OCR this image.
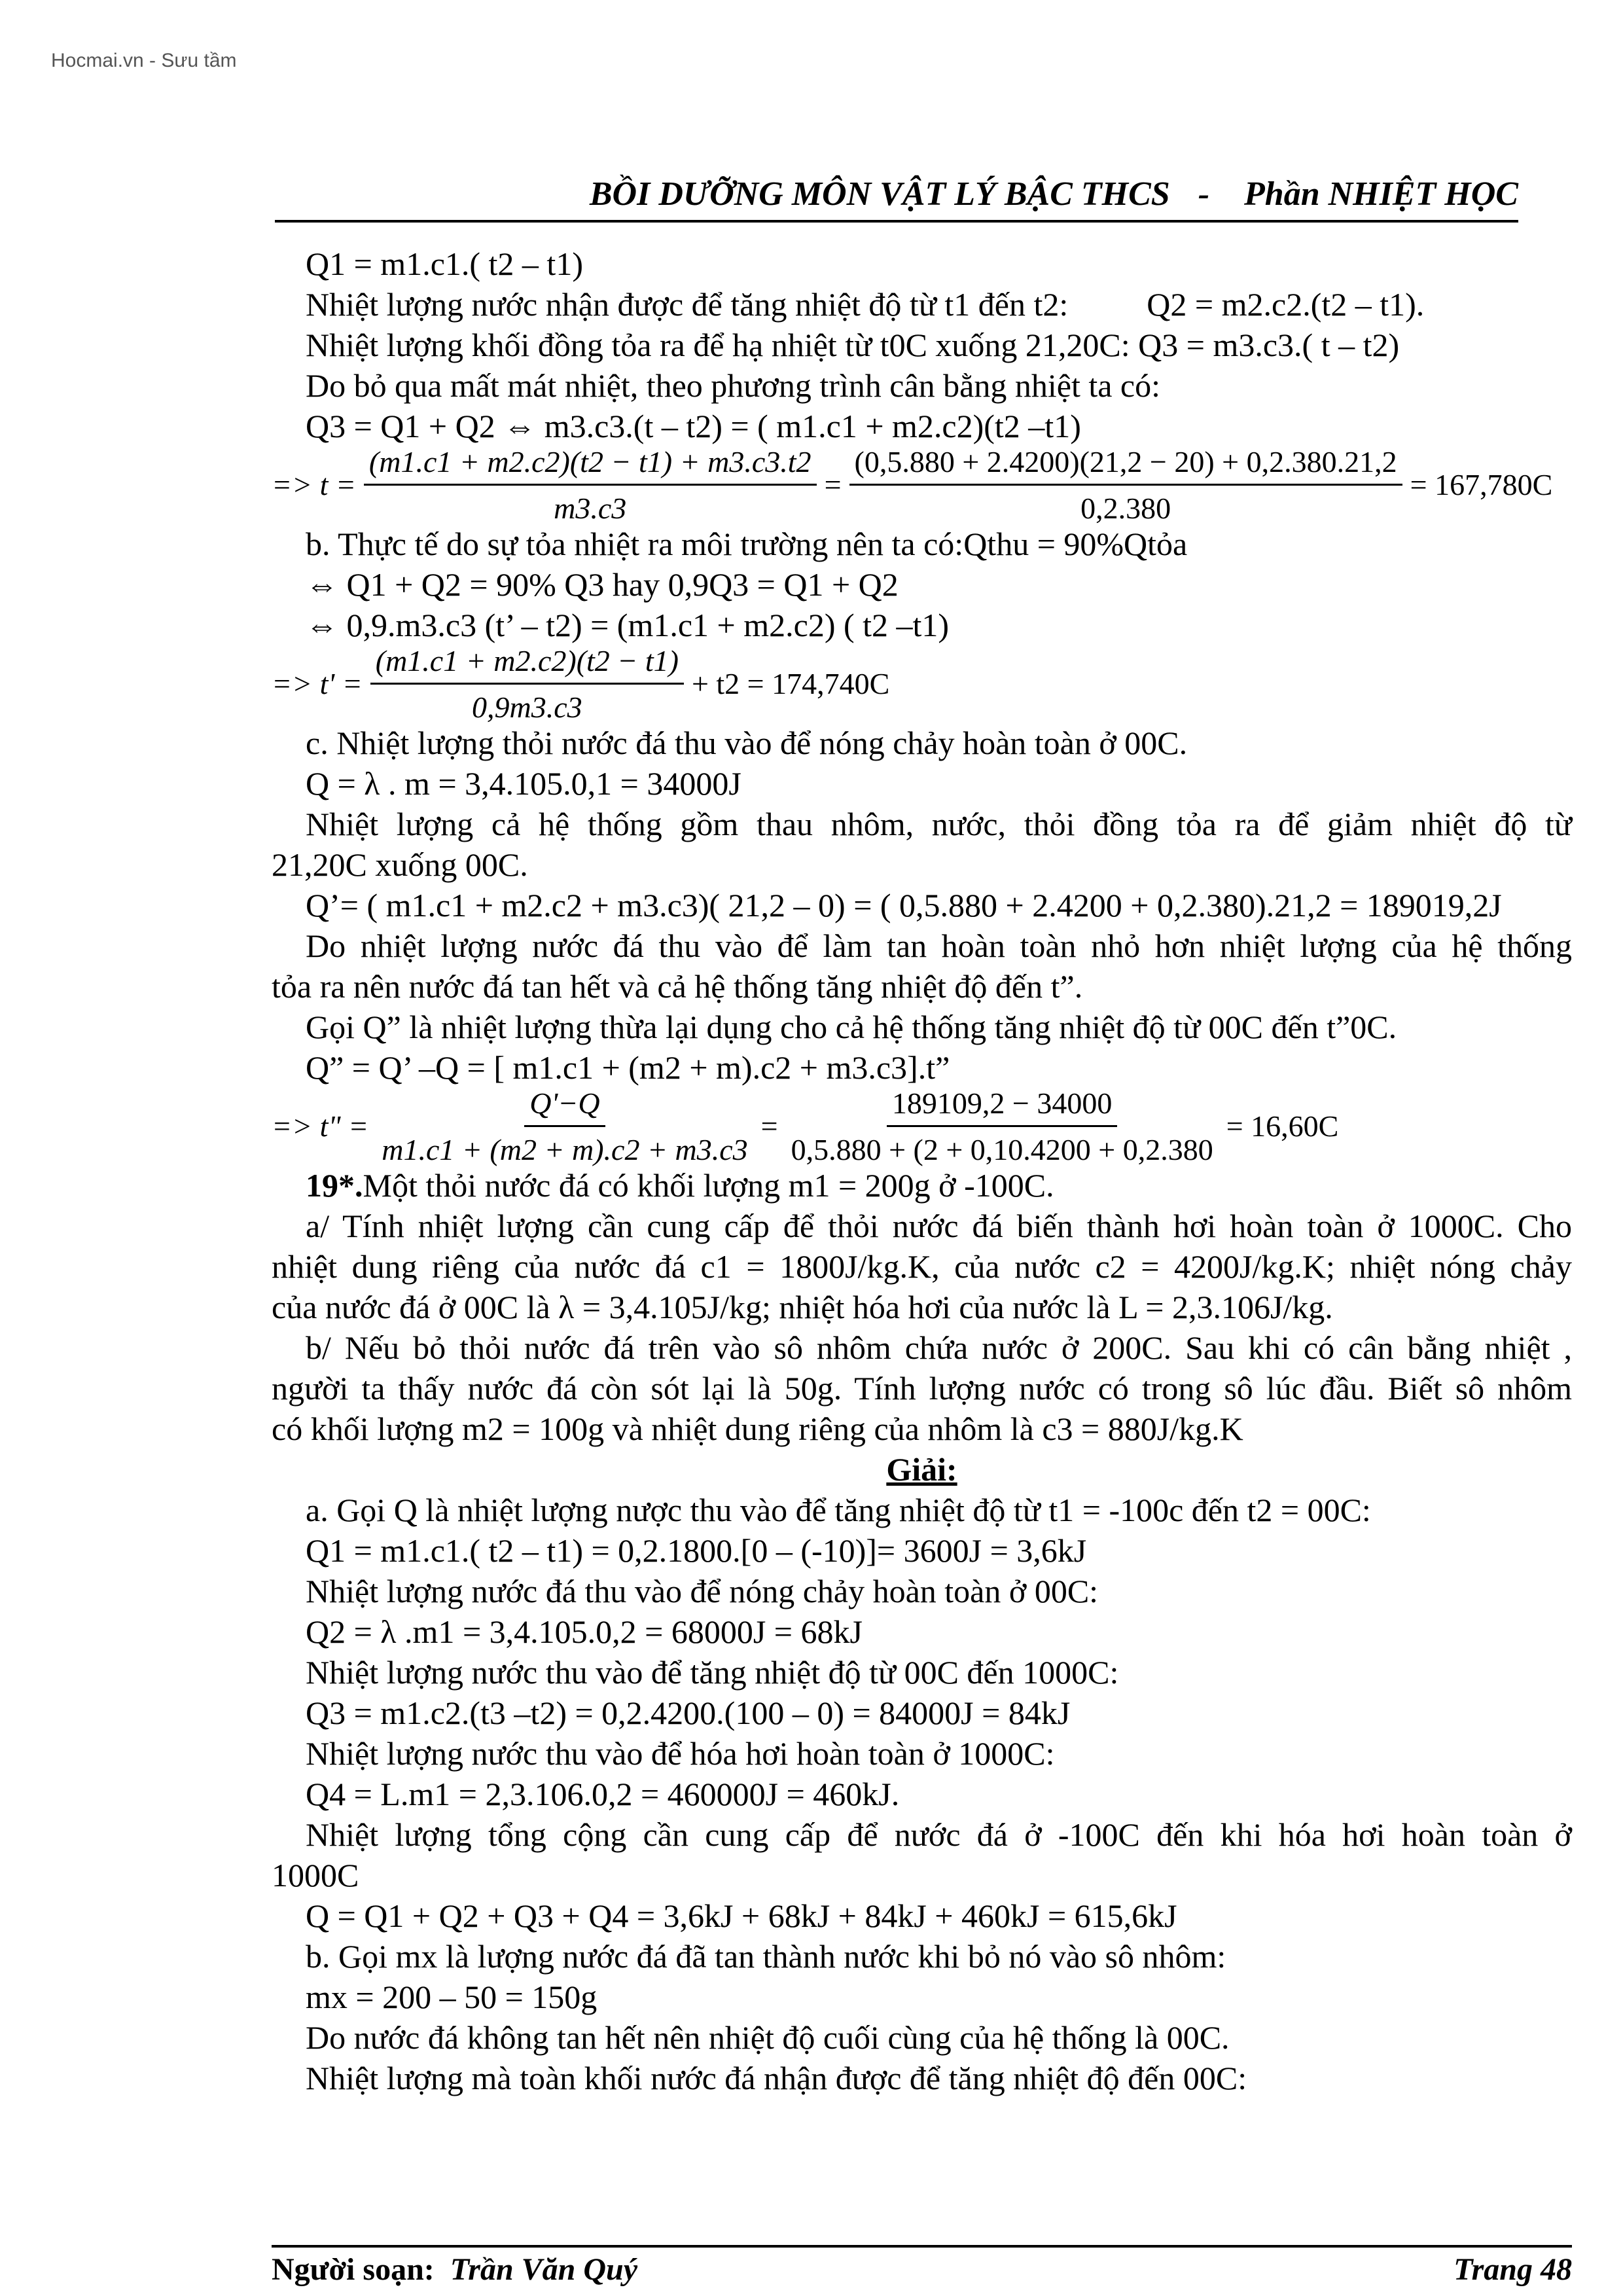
Hocmai.vn - Sưu tầm
BỒI DƯỠNG MÔN VẬT LÝ BẬC THCS - Phần NHIỆT HỌC
Q1 = m1.c1.( t2 – t1)
Nhiệt lượng nước nhận được để tăng nhiệt độ từ t1 đến t2: Q2 = m2.c2.(t2 – t1).
Nhiệt lượng khối đồng tỏa ra để hạ nhiệt từ t0C xuống 21,20C: Q3 = m3.c3.( t – t2)
Do bỏ qua mất mát nhiệt, theo phương trình cân bằng nhiệt ta có:
Q3 = Q1 + Q2 ⇔ m3.c3.(t – t2) = ( m1.c1 + m2.c2)(t2 –t1)
=> $t = \frac{(m1.c1 + m2.c2)(t2 - t1) + m3.c3.t2}{m3.c3} = \frac{(0,5.880 + 2.4200)(21,2 - 20) + 0,2.380.21,2}{0,2.380} = 167,780C$
b. Thực tế do sự tỏa nhiệt ra môi trường nên ta có:Qthu = 90%Qtỏa
⇔ Q1 + Q2 = 90% Q3 hay 0,9Q3 = Q1 + Q2
⇔ 0,9.m3.c3 (t’ – t2) = (m1.c1 + m2.c2) ( t2 –t1)
=> $t' = \frac{(m1.c1 + m2.c2)(t2 - t1)}{0,9m3.c3} + t2 = 174,740C$
c. Nhiệt lượng thỏi nước đá thu vào để nóng chảy hoàn toàn ở 00C.
Q = λ . m = 3,4.105.0,1 = 34000J
Nhiệt lượng cả hệ thống gồm thau nhôm, nước, thỏi đồng tỏa ra để giảm nhiệt độ từ
21,20C xuống 00C.
Q’= ( m1.c1 + m2.c2 + m3.c3)( 21,2 – 0) = ( 0,5.880 + 2.4200 + 0,2.380).21,2 = 189019,2J
Do nhiệt lượng nước đá thu vào để làm tan hoàn toàn nhỏ hơn nhiệt lượng của hệ thống
tỏa ra nên nước đá tan hết và cả hệ thống tăng nhiệt độ đến t”.
Gọi Q” là nhiệt lượng thừa lại dụng cho cả hệ thống tăng nhiệt độ từ 00C đến t”0C.
Q” = Q’ –Q = [ m1.c1 + (m2 + m).c2 + m3.c3].t”
=> t" = $\frac{Q'-Q}{m1.c1 + (m2 + m).c2 + m3.c3} = \frac{189109,2 - 34000}{0,5.880 + (2 + 0,10.4200 + 0,2.380} = 16,60C$
19*.Một thỏi nước đá có khối lượng m1 = 200g ở -100C.
a/ Tính nhiệt lượng cần cung cấp để thỏi nước đá biến thành hơi hoàn toàn ở 1000C. Cho
nhiệt dung riêng của nước đá c1 = 1800J/kg.K, của nước c2 = 4200J/kg.K; nhiệt nóng chảy
của nước đá ở 00C là λ = 3,4.105J/kg; nhiệt hóa hơi của nước là L = 2,3.106J/kg.
b/ Nếu bỏ thỏi nước đá trên vào sô nhôm chứa nước ở 200C. Sau khi có cân bằng nhiệt ,
người ta thấy nước đá còn sót lại là 50g. Tính lượng nước có trong sô lúc đầu. Biết sô nhôm
có khối lượng m2 = 100g và nhiệt dung riêng của nhôm là c3 = 880J/kg.K
Giải:
a. Gọi Q là nhiệt lượng nược thu vào để tăng nhiệt độ từ t1 = -100c đến t2 = 00C:
Q1 = m1.c1.( t2 – t1) = 0,2.1800.[0 – (-10)]= 3600J = 3,6kJ
Nhiệt lượng nước đá thu vào để nóng chảy hoàn toàn ở 00C:
Q2 = λ .m1 = 3,4.105.0,2 = 68000J = 68kJ
Nhiệt lượng nước thu vào để tăng nhiệt độ từ 00C đến 1000C:
Q3 = m1.c2.(t3 –t2) = 0,2.4200.(100 – 0) = 84000J = 84kJ
Nhiệt lượng nước thu vào để hóa hơi hoàn toàn ở 1000C:
Q4 = L.m1 = 2,3.106.0,2 = 460000J = 460kJ.
Nhiệt lượng tổng cộng cần cung cấp để nước đá ở -100C đến khi hóa hơi hoàn toàn ở
1000C
Q = Q1 + Q2 + Q3 + Q4 = 3,6kJ + 68kJ + 84kJ + 460kJ = 615,6kJ
b. Gọi mx là lượng nước đá đã tan thành nước khi bỏ nó vào sô nhôm:
mx = 200 – 50 = 150g
Do nước đá không tan hết nên nhiệt độ cuối cùng của hệ thống là 00C.
Nhiệt lượng mà toàn khối nước đá nhận được để tăng nhiệt độ đến 00C:
Người soạn: Trần Văn Quý	Trang 48
